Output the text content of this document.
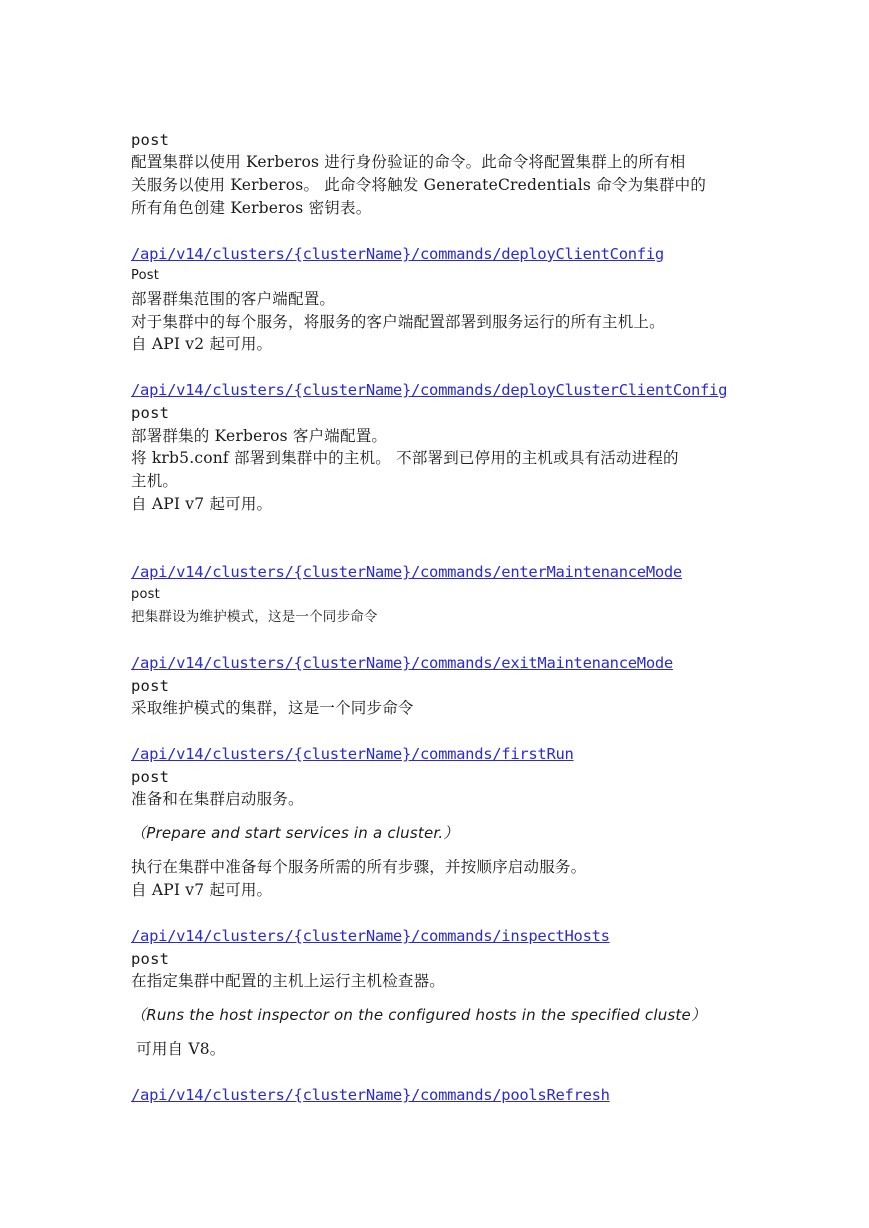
post
配置集群以使用 Kerberos 进行身份验证的命令。此命令将配置集群上的所有相
关服务以使用 Kerberos。 此命令将触发 GenerateCredentials 命令为集群中的
所有角色创建 Kerberos 密钥表。
/api/v14/clusters/{clusterName}/commands/deployClientConfig
Post
部署群集范围的客户端配置。
对于集群中的每个服务，将服务的客户端配置部署到服务运行的所有主机上。
自 API v2 起可用。
/api/v14/clusters/{clusterName}/commands/deployClusterClientConfig
post
部署群集的 Kerberos 客户端配置。
将 krb5.conf 部署到集群中的主机。 不部署到已停用的主机或具有活动进程的
主机。
自 API v7 起可用。
/api/v14/clusters/{clusterName}/commands/enterMaintenanceMode
post
把集群设为维护模式，这是一个同步命令
/api/v14/clusters/{clusterName}/commands/exitMaintenanceMode
post
采取维护模式的集群，这是一个同步命令
/api/v14/clusters/{clusterName}/commands/firstRun
post
准备和在集群启动服务。
（Prepare and start services in a cluster.）
执行在集群中准备每个服务所需的所有步骤，并按顺序启动服务。
自 API v7 起可用。
/api/v14/clusters/{clusterName}/commands/inspectHosts
post
在指定集群中配置的主机上运行主机检查器。
（Runs the host inspector on the configured hosts in the specified cluste）
可用自 V8。
/api/v14/clusters/{clusterName}/commands/poolsRefresh
